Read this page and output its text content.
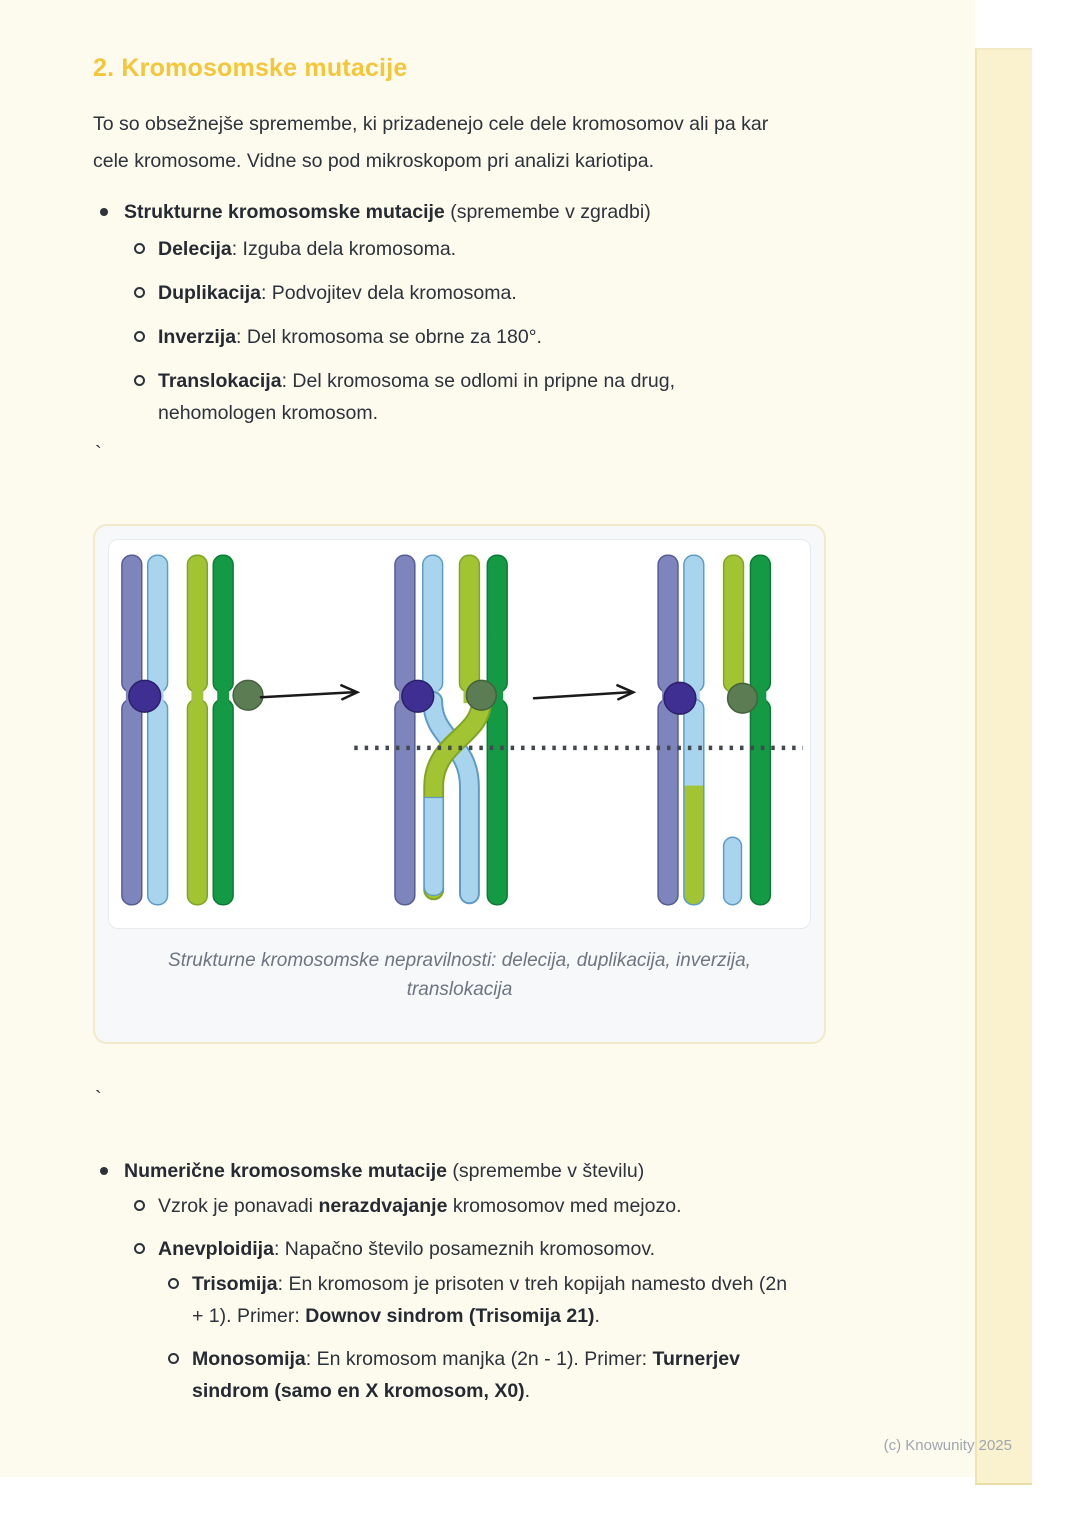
2. Kromosomske mutacije
To so obsežnejše spremembe, ki prizadenejo cele dele kromosomov ali pa kar
cele kromosome. Vidne so pod mikroskopom pri analizi kariotipa.
Strukturne kromosomske mutacije (spremembe v zgradbi)
Delecija: Izguba dela kromosoma.
Duplikacija: Podvojitev dela kromosoma.
Inverzija: Del kromosoma se obrne za 180°.
Translokacija: Del kromosoma se odlomi in pripne na drug,
nehomologen kromosom.
`
Strukturne kromosomske nepravilnosti: delecija, duplikacija, inverzija,
translokacija
`
Numerične kromosomske mutacije (spremembe v številu)
Vzrok je ponavadi nerazdvajanje kromosomov med mejozo.
Anevploidija: Napačno število posameznih kromosomov.
Trisomija: En kromosom je prisoten v treh kopijah namesto dveh (2n
+ 1). Primer: Downov sindrom (Trisomija 21).
Monosomija: En kromosom manjka (2n - 1). Primer: Turnerjev
sindrom (samo en X kromosom, X0).
(c) Knowunity 2025
